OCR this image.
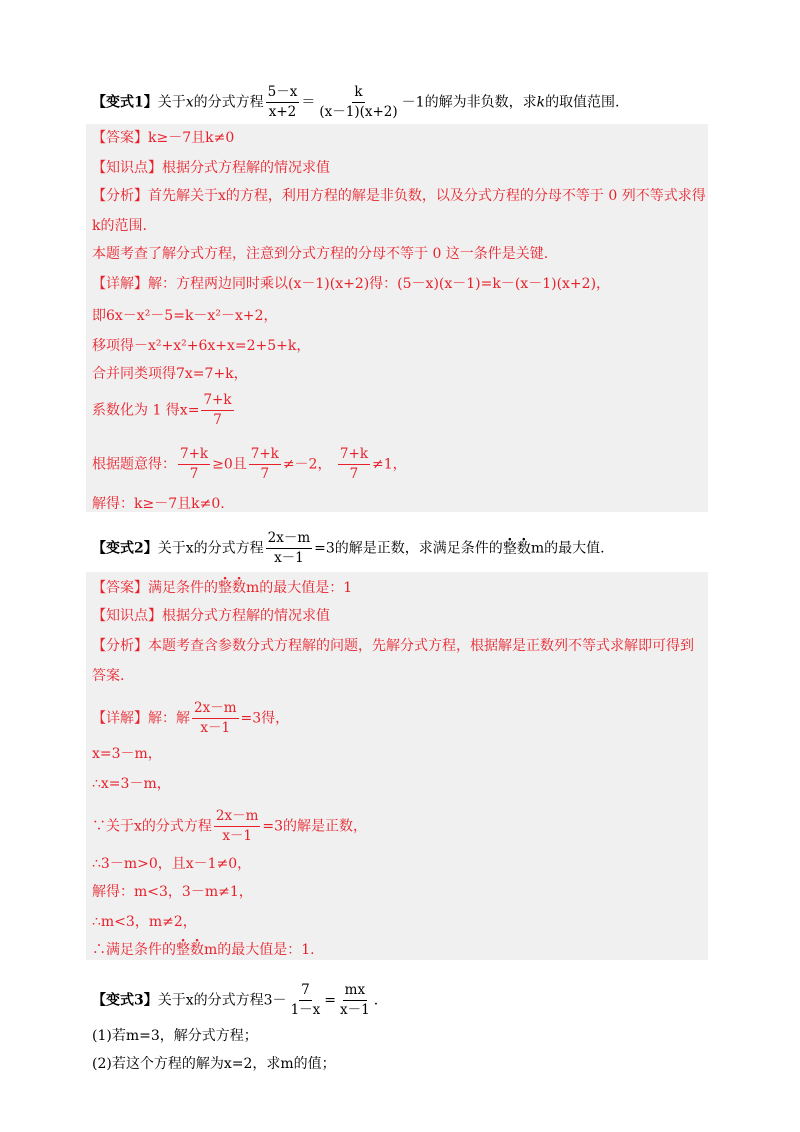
【变式1】关于x的分式方程 $\frac{5-x}{x+2} = \frac{k}{(x-1)(x+2)} -1$的解为非负数，求k的取值范围.
【答案】k≥－7且k≠0
【知识点】根据分式方程解的情况求值
【分析】首先解关于x的方程，利用方程的解是非负数，以及分式方程的分母不等于 0 列不等式求得
k的范围.
本题考查了解分式方程，注意到分式方程的分母不等于 0 这一条件是关键.
【详解】解：方程两边同时乘以(x－1)(x+2)得：(5－x)(x－1)=k－(x－1)(x+2)，
即6x－x²－5=k－x²－x+2，
移项得－x²+x²+6x+x=2+5+k，
合并同类项得7x=7+k，
系数化为 1 得$x= \frac{7+k}{7}$
根据题意得： $\frac{7+k}{7} \ge 0$且 $\frac{7+k}{7} \ne-2$， $\frac{7+k}{7} \ne 1$，
解得：k≥－7且k≠0.
【变式2】关于x的分式方程 $\frac{2x-m}{x-1} =3$的解是正数，求满足条件的整数m的最大值.
【答案】满足条件的整数m的最大值是：1
【知识点】根据分式方程解的情况求值
【分析】本题考查含参数分式方程解的问题，先解分式方程，根据解是正数列不等式求解即可得到
答案.
【详解】解：解 $\frac{2x-m}{x-1} =3$得，
x=3－m，
∴x=3－m，
∵关于x的分式方程 $\frac{2x-m}{x-1} =3$的解是正数，
∴3－m>0，且x－1≠0，
解得：m<3，3－m≠1，
∴m<3，m≠2，
∴满足条件的整数m的最大值是：1.
【变式3】关于x的分式方程$3- \frac{7}{1-x} = \frac{mx}{x-1}$ .
(1)若m=3，解分式方程；
(2)若这个方程的解为x=2，求m的值；
